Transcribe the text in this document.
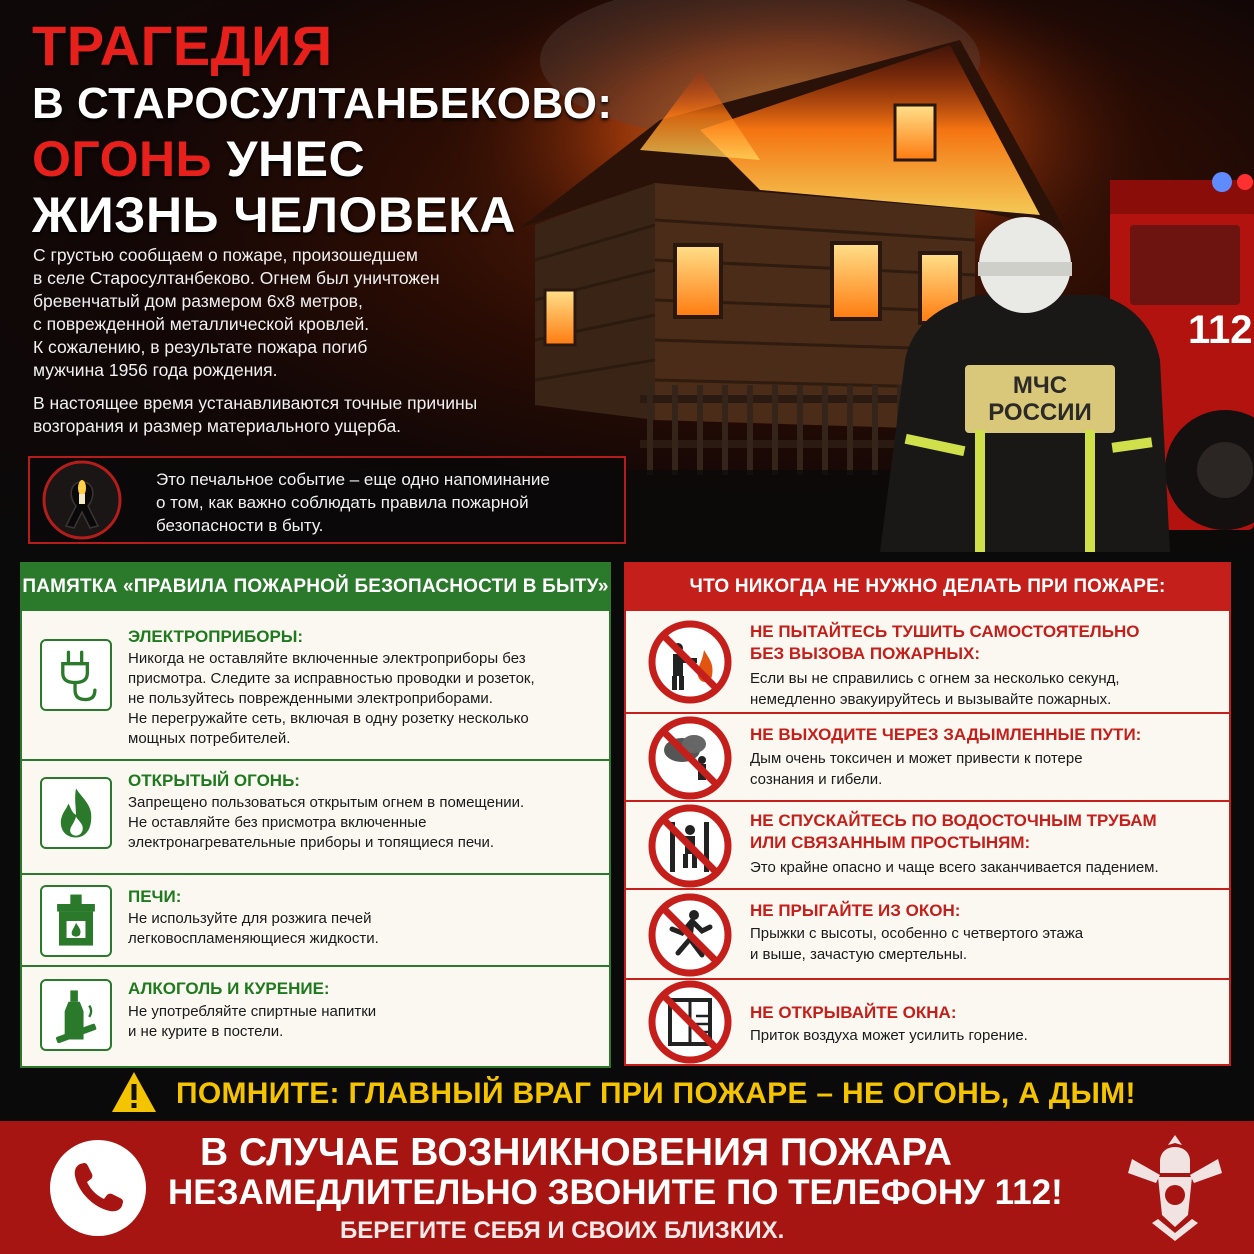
112
МЧС
РОССИИ
ТРАГЕДИЯ
В СТАРОСУЛТАНБЕКОВО:
ОГОНЬ УНЕС
ЖИЗНЬ ЧЕЛОВЕКА

С грустью сообщаем о пожаре, произошедшем
в селе Старосултанбеково. Огнем был уничтожен
бревенчатый дом размером 6х8 метров,
с поврежденной металлической кровлей.
К сожалению, в результате пожара погиб
мужчина 1956 года рождения.

В настоящее время устанавливаются точные причины
возгорания и размер материального ущерба.

Это печальное событие – еще одно напоминание
о том, как важно соблюдать правила пожарной
безопасности в быту.
ПАМЯТКА «ПРАВИЛА ПОЖАРНОЙ БЕЗОПАСНОСТИ В БЫТУ»
ЭЛЕКТРОПРИБОРЫ:
Никогда не оставляйте включенные электроприборы без
присмотра. Следите за исправностью проводки и розеток,
не пользуйтесь поврежденными электроприборами.
Не перегружайте сеть, включая в одну розетку несколько
мощных потребителей.
ОТКРЫТЫЙ ОГОНЬ:
Запрещено пользоваться открытым огнем в помещении.
Не оставляйте без присмотра включенные
электронагревательные приборы и топящиеся печи.
ПЕЧИ:
Не используйте для розжига печей
легковоспламеняющиеся жидкости.
АЛКОГОЛЬ И КУРЕНИЕ:
Не употребляйте спиртные напитки
и не курите в постели.
ЧТО НИКОГДА НЕ НУЖНО ДЕЛАТЬ ПРИ ПОЖАРЕ:
НЕ ПЫТАЙТЕСЬ ТУШИТЬ САМОСТОЯТЕЛЬНО
БЕЗ ВЫЗОВА ПОЖАРНЫХ:
Если вы не справились с огнем за несколько секунд,
немедленно эвакуируйтесь и вызывайте пожарных.
НЕ ВЫХОДИТЕ ЧЕРЕЗ ЗАДЫМЛЕННЫЕ ПУТИ:
Дым очень токсичен и может привести к потере
сознания и гибели.
НЕ СПУСКАЙТЕСЬ ПО ВОДОСТОЧНЫМ ТРУБАМ
ИЛИ СВЯЗАННЫМ ПРОСТЫНЯМ:
Это крайне опасно и чаще всего заканчивается падением.
НЕ ПРЫГАЙТЕ ИЗ ОКОН:
Прыжки с высоты, особенно с четвертого этажа
и выше, зачастую смертельны.
НЕ ОТКРЫВАЙТЕ ОКНА:
Приток воздуха может усилить горение.
ПОМНИТЕ: ГЛАВНЫЙ ВРАГ ПРИ ПОЖАРЕ – НЕ ОГОНЬ, А ДЫМ!
В СЛУЧАЕ ВОЗНИКНОВЕНИЯ ПОЖАРА
НЕЗАМЕДЛИТЕЛЬНО ЗВОНИТЕ ПО ТЕЛЕФОНУ 112!
БЕРЕГИТЕ СЕБЯ И СВОИХ БЛИЗКИХ.
